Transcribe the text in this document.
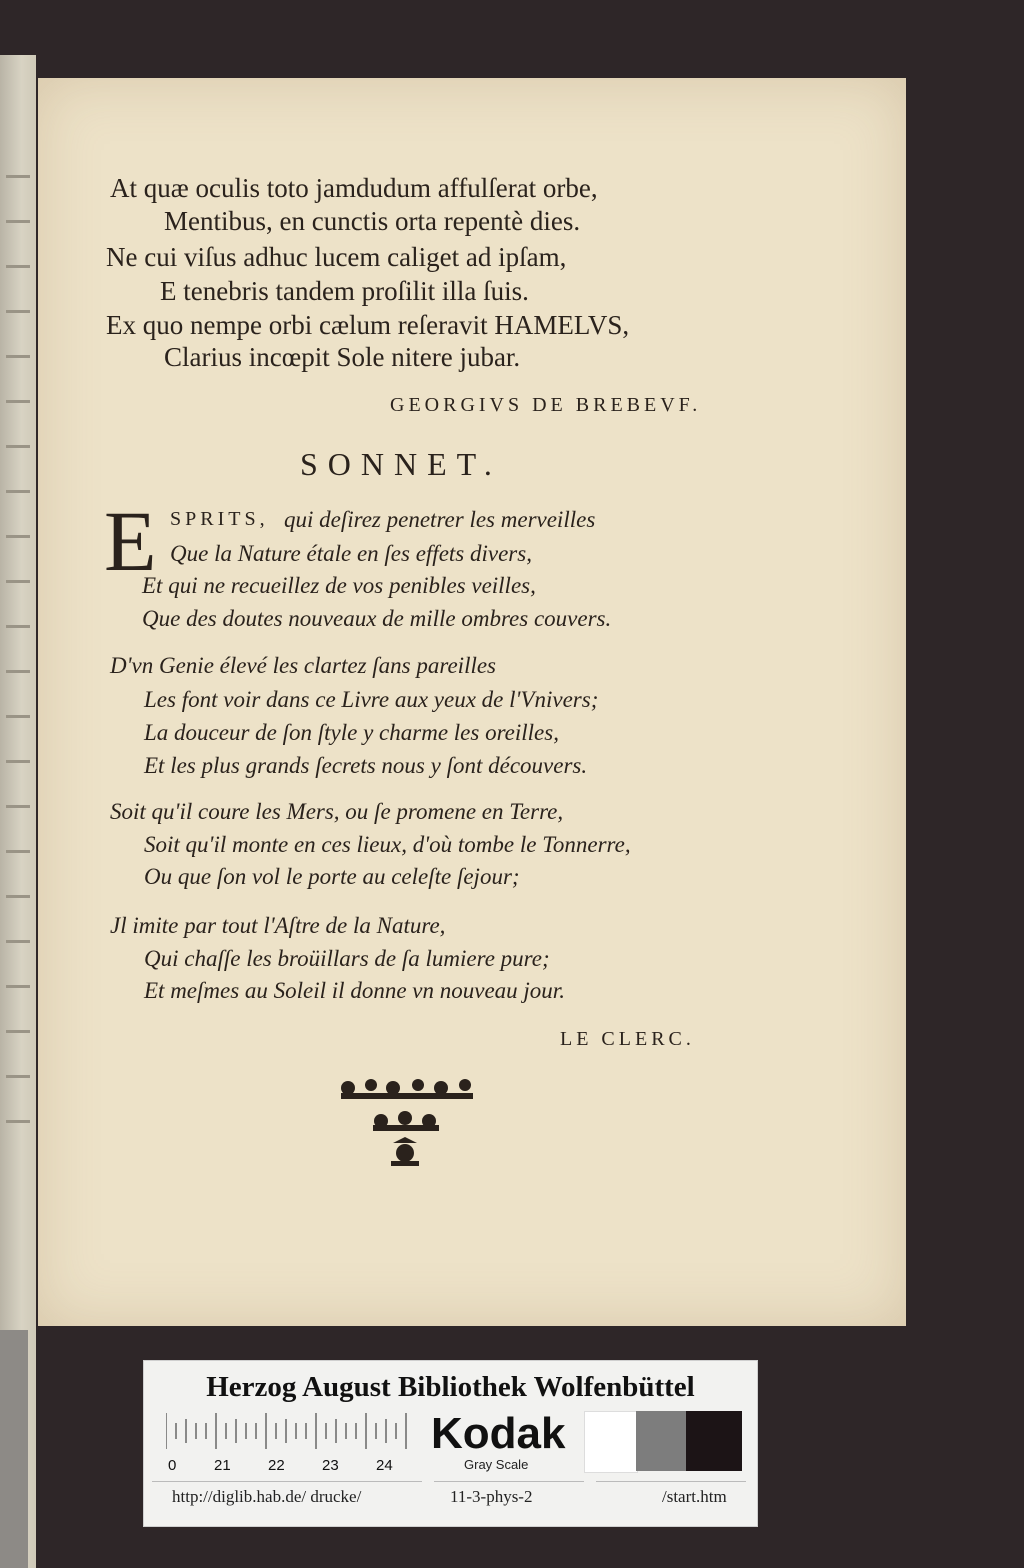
At quæ oculis toto jamdudum affulſerat orbe,
Mentibus, en cunctis orta repentè dies.
Ne cui viſus adhuc lucem caliget ad ipſam,
E tenebris tandem proſilit illa ſuis.
Ex quo nempe orbi cælum reſeravit HAMELVS,
Clarius incœpit Sole nitere jubar.
GEORGIVS DE BREBEVF.
SONNET.
E SPRITS, qui deſirez penetrer les merveilles
Que la Nature étale en ſes effets divers,
Et qui ne recueillez de vos penibles veilles,
Que des doutes nouveaux de mille ombres couvers.
D'vn Genie élevé les clartez ſans pareilles
Les font voir dans ce Livre aux yeux de l'Vnivers;
La douceur de ſon ſtyle y charme les oreilles,
Et les plus grands ſecrets nous y ſont découvers.
Soit qu'il coure les Mers, ou ſe promene en Terre,
Soit qu'il monte en ces lieux, d'où tombe le Tonnerre,
Ou que ſon vol le porte au celeſte ſejour;
Jl imite par tout l'Aſtre de la Nature,
Qui chaſſe les broüillars de ſa lumiere pure;
Et meſmes au Soleil il donne vn nouveau jour.
LE CLERC.
Herzog August Bibliothek Wolfenbüttel
0	21 22 23 24
Kodak
Gray Scale
http://diglib.hab.de/ drucke/	11-3-phys-2	/start.htm
